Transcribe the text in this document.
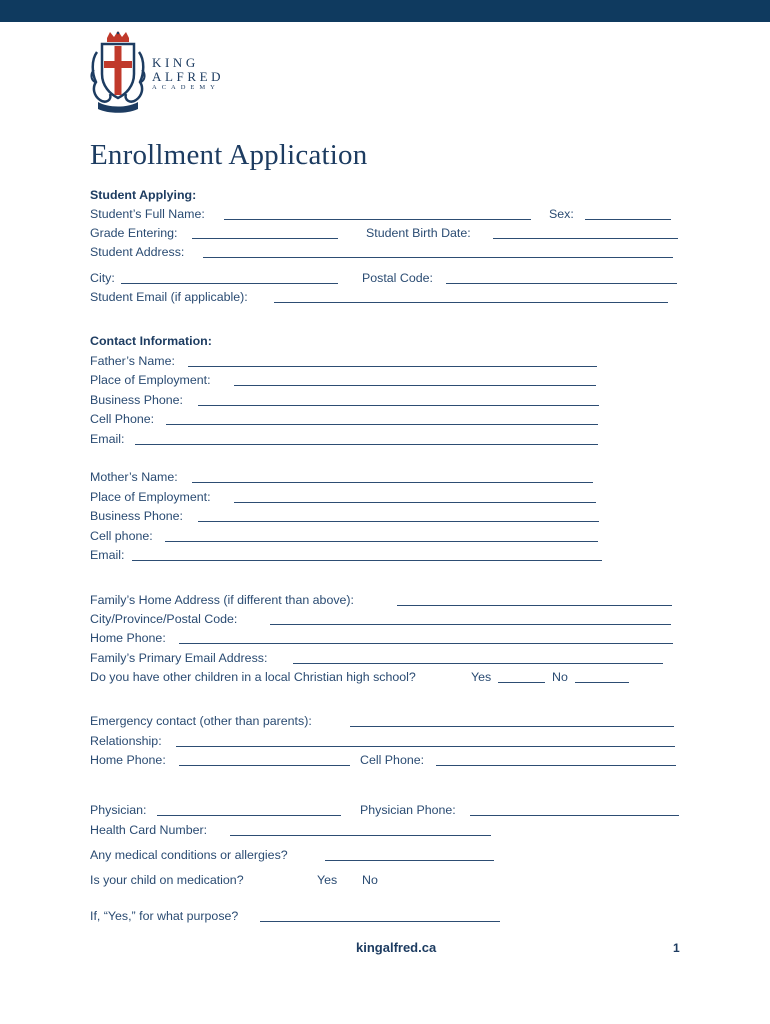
KING
ALFRED
ACADEMY
Enrollment Application
Student Applying:
Student’s Full Name:	Sex:
Grade Entering:	Student Birth Date:
Student Address:
City:	Postal Code:
Student Email (if applicable):
Contact Information:
Father’s Name:
Place of Employment:
Business Phone:
Cell Phone:
Email:
Mother’s Name:
Place of Employment:
Business Phone:
Cell phone:
Email:
Family’s Home Address (if different than above):
City/Province/Postal Code:
Home Phone:
Family’s Primary Email Address:
Do you have other children in a local Christian high school?	Yes	No
Emergency contact (other than parents):
Relationship:
Home Phone:	Cell Phone:
Physician:	Physician Phone:
Health Card Number:
Any medical conditions or allergies?
Is your child on medication?	Yes No
If, “Yes,” for what purpose?
kingalfred.ca	1
